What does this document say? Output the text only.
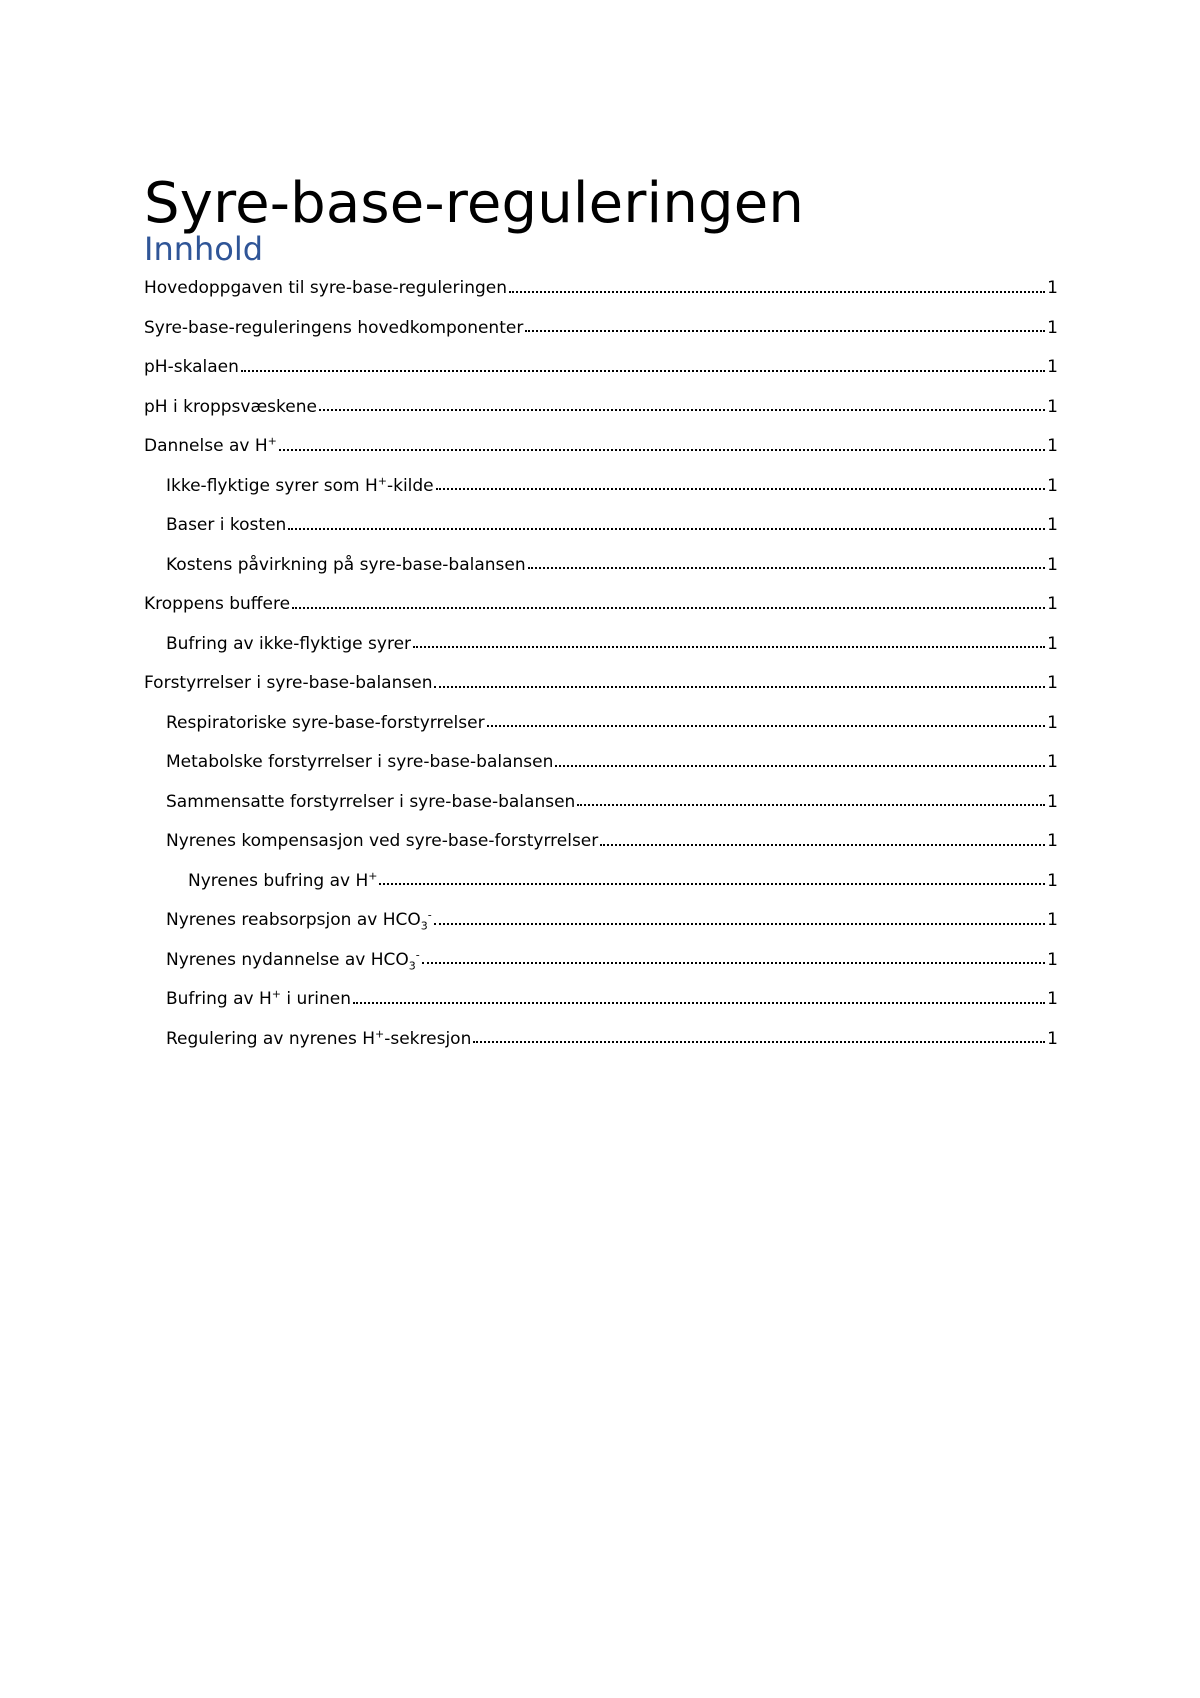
Syre-base-reguleringen
Innhold
Hovedoppgaven til syre-base-reguleringen	1
Syre-base-reguleringens hovedkomponenter	1
pH-skalaen	1
pH i kroppsvæskene	1
Dannelse av H+	1
Ikke-flyktige syrer som H+-kilde	1
Baser i kosten	1
Kostens påvirkning på syre-base-balansen	1
Kroppens buffere	1
Bufring av ikke-flyktige syrer	1
Forstyrrelser i syre-base-balansen	1
Respiratoriske syre-base-forstyrrelser	1
Metabolske forstyrrelser i syre-base-balansen	1
Sammensatte forstyrrelser i syre-base-balansen	1
Nyrenes kompensasjon ved syre-base-forstyrrelser	1
Nyrenes bufring av H+	1
Nyrenes reabsorpsjon av $HCO_3^-$	1
Nyrenes nydannelse av $HCO_3^-$	1
Bufring av H+ i urinen	1
Regulering av nyrenes H+-sekresjon	1
